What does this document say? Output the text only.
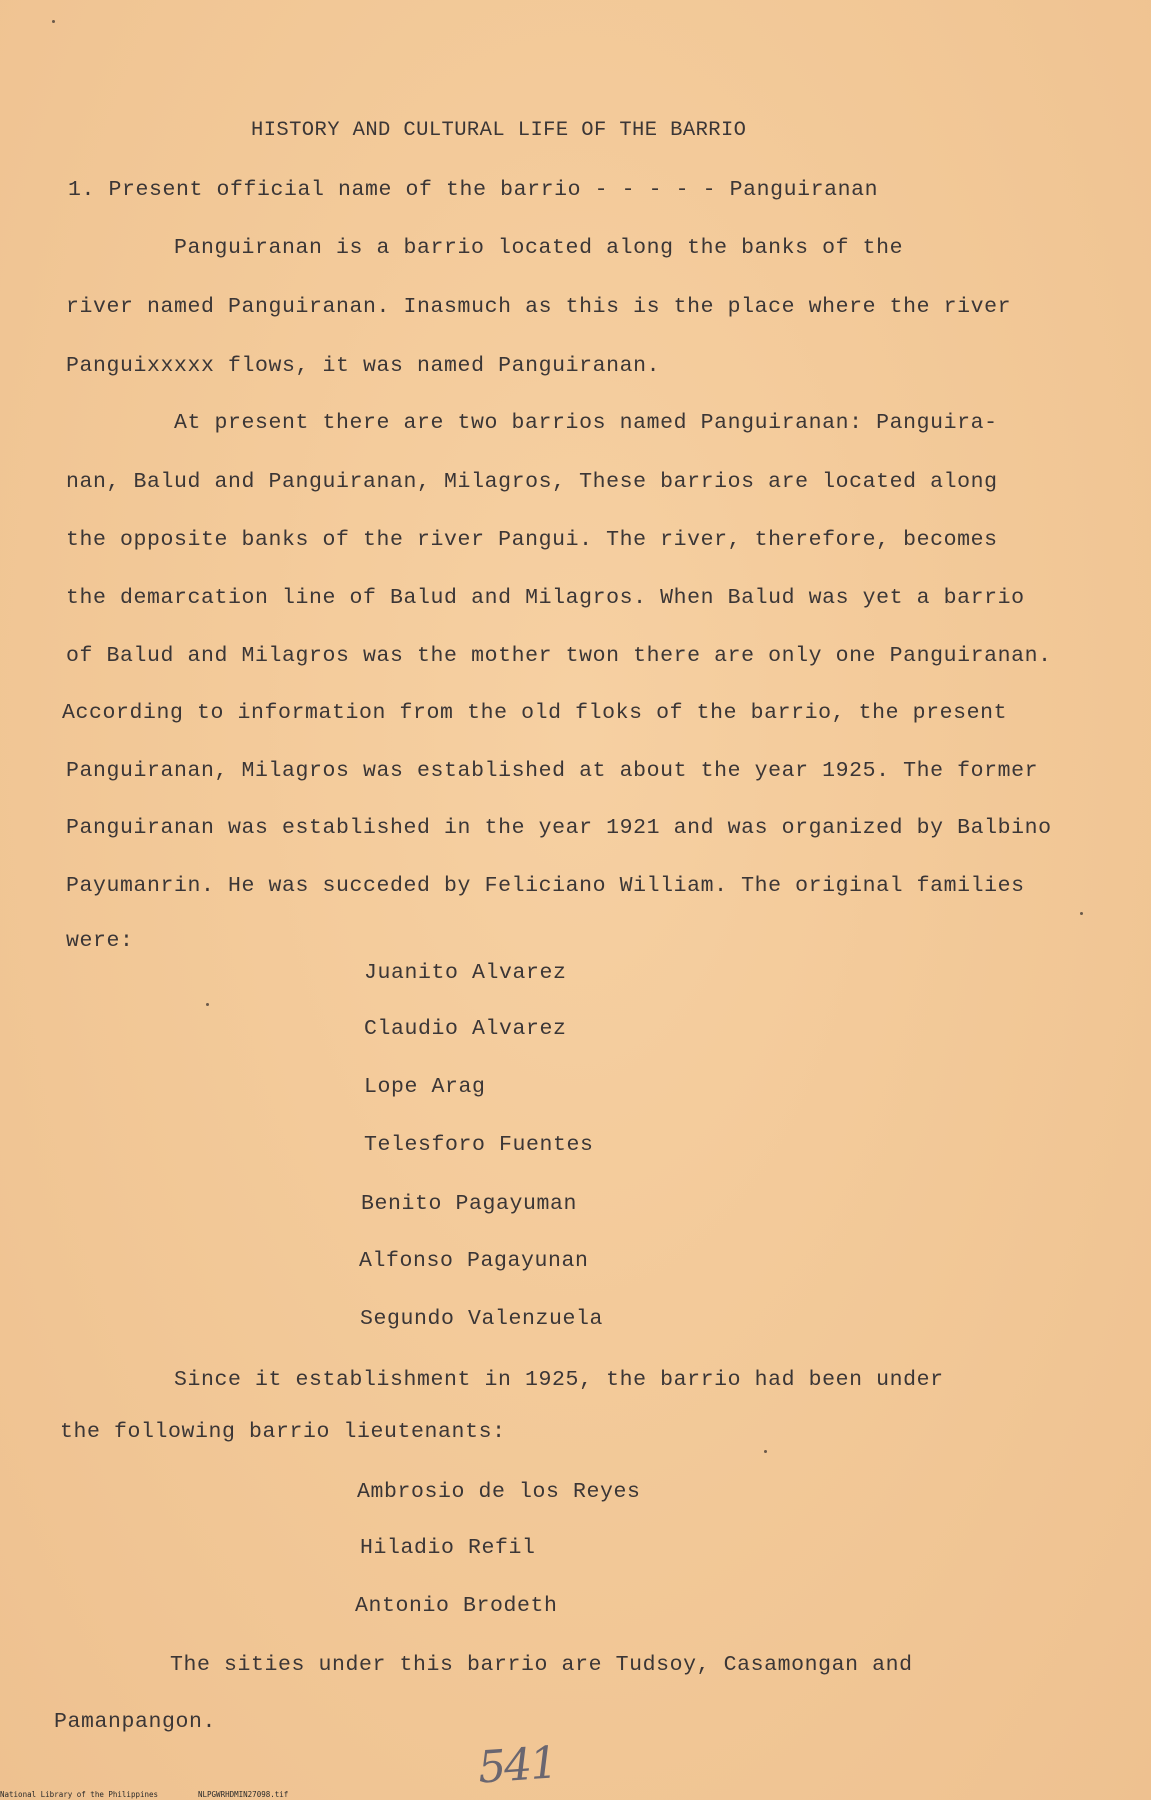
HISTORY AND CULTURAL LIFE OF THE BARRIO
1. Present official name of the barrio - - - - - Panguiranan
Panguiranan is a barrio located along the banks of the
river named Panguiranan. Inasmuch as this is the place where the river
Panguixxxxx flows, it was named Panguiranan.
At present there are two barrios named Panguiranan: Panguira-
nan, Balud and Panguiranan, Milagros, These barrios are located along
the opposite banks of the river Pangui. The river, therefore, becomes
the demarcation line of Balud and Milagros. When Balud was yet a barrio
of Balud and Milagros was the mother twon there are only one Panguiranan.
According to information from the old floks of the barrio, the present
Panguiranan, Milagros was established at about the year 1925. The former
Panguiranan was established in the year 1921 and was organized by Balbino
Payumanrin. He was succeded by Feliciano William. The original families
were:
Juanito Alvarez
Claudio Alvarez
Lope Arag
Telesforo Fuentes
Benito Pagayuman
Alfonso Pagayunan
Segundo Valenzuela
Since it establishment in 1925, the barrio had been under
the following barrio lieutenants:
Ambrosio de los Reyes
Hiladio Refil
Antonio Brodeth
The sities under this barrio are Tudsoy, Casamongan and
Pamanpangon.
541
National Library of the Philippines	NLPGWRHDMIN27098.tif
